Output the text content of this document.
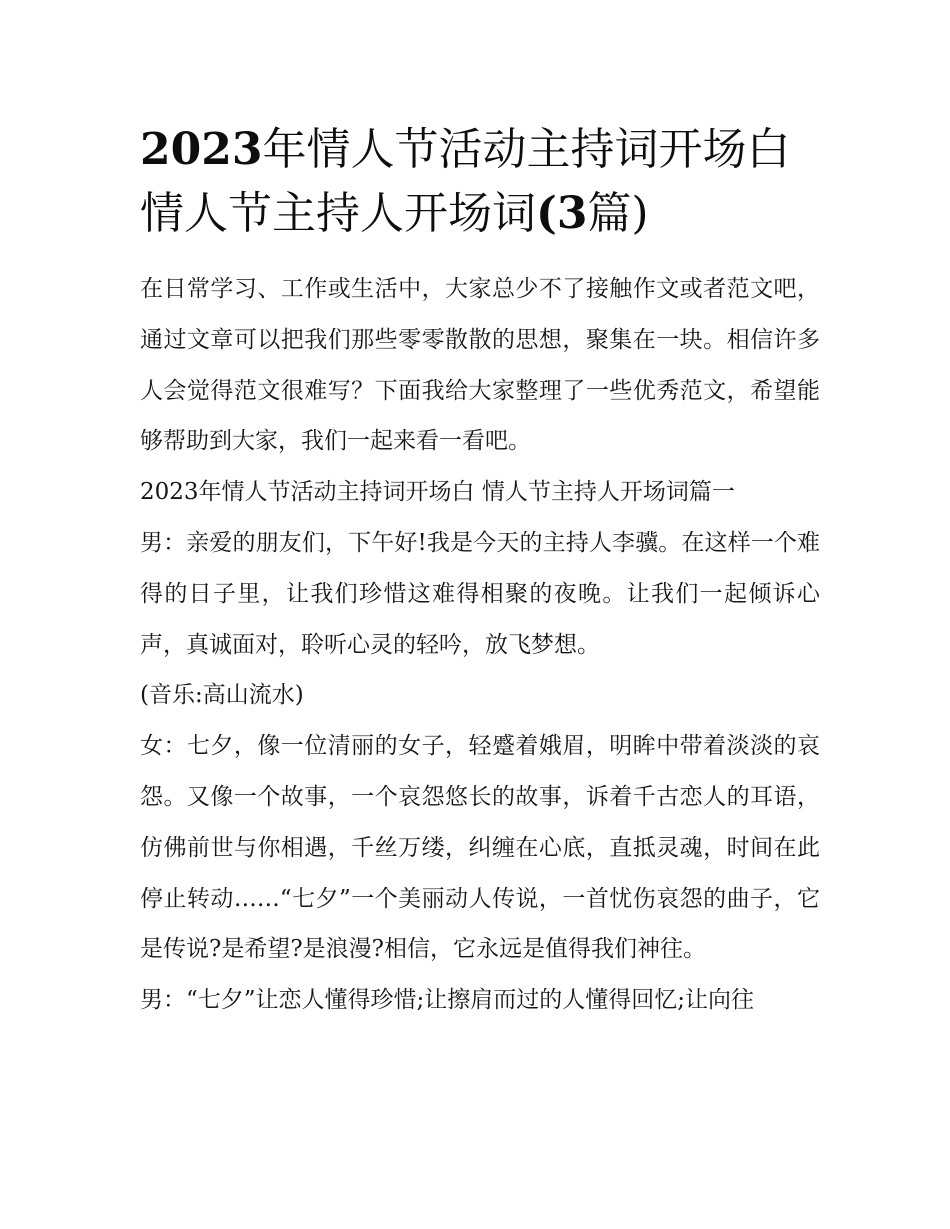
2023年情人节活动主持词开场白 情人节主持人开场词(3篇)

在日常学习、工作或生活中，大家总少不了接触作文或者范文吧，通过文章可以把我们那些零零散散的思想，聚集在一块。相信许多人会觉得范文很难写？下面我给大家整理了一些优秀范文，希望能够帮助到大家，我们一起来看一看吧。

2023年情人节活动主持词开场白 情人节主持人开场词篇一

男：亲爱的朋友们，下午好!我是今天的主持人李骥。在这样一个难得的日子里，让我们珍惜这难得相聚的夜晚。让我们一起倾诉心声，真诚面对，聆听心灵的轻吟，放飞梦想。

(音乐:高山流水)

女：七夕，像一位清丽的女子，轻蹙着娥眉，明眸中带着淡淡的哀怨。又像一个故事，一个哀怨悠长的故事，诉着千古恋人的耳语，仿佛前世与你相遇，千丝万缕，纠缠在心底，直抵灵魂，时间在此停止转动……“七夕”一个美丽动人传说，一首忧伤哀怨的曲子，它是传说?是希望?是浪漫?相信，它永远是值得我们神往。

男：“七夕”让恋人懂得珍惜;让擦肩而过的人懂得回忆;让向往
